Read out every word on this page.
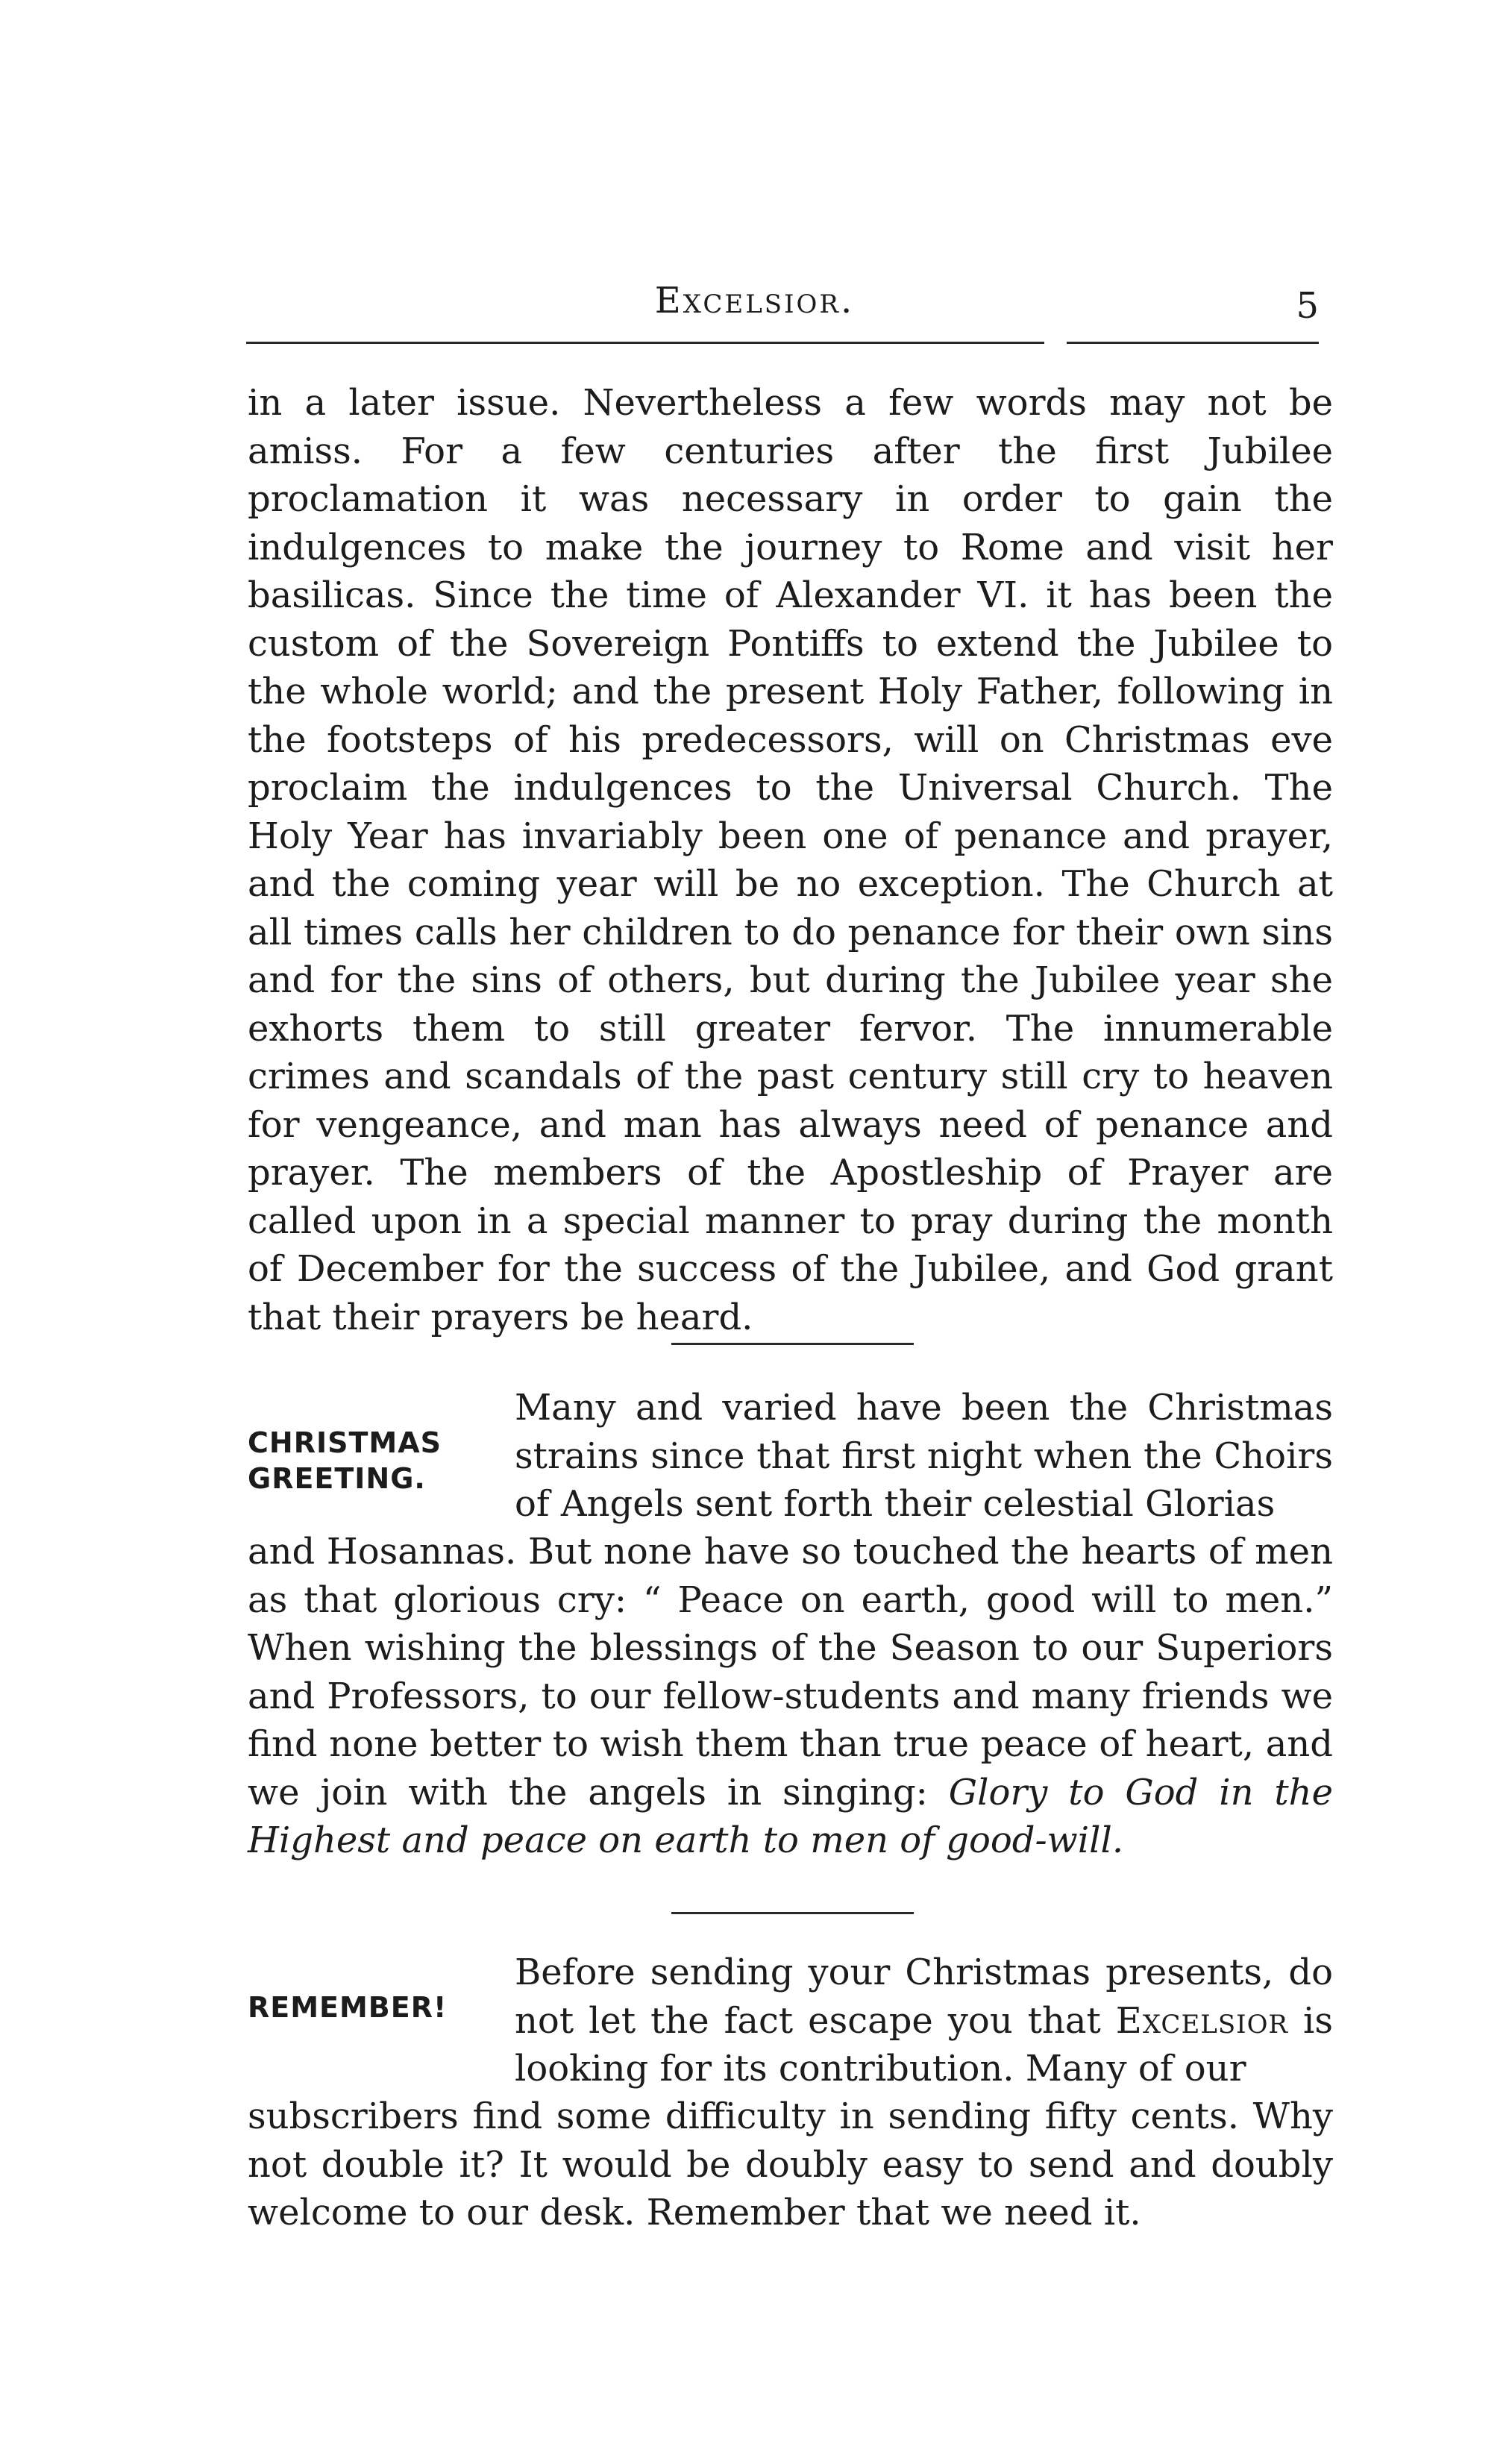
Excelsior.	5
in a later issue. Nevertheless a few words may not be amiss. For a few centuries after the first Jubilee proclamation it was necessary in order to gain the indulgences to make the journey to Rome and visit her basilicas. Since the time of Alexander VI. it has been the custom of the Sovereign Pontiffs to extend the Jubilee to the whole world; and the present Holy Father, following in the footsteps of his predecessors, will on Christmas eve proclaim the indulgences to the Universal Church. The Holy Year has invariably been one of penance and prayer, and the coming year will be no exception. The Church at all times calls her children to do penance for their own sins and for the sins of others, but during the Jubilee year she exhorts them to still greater fervor. The innumerable crimes and scandals of the past century still cry to heaven for vengeance, and man has always need of penance and prayer. The members of the Apostleship of Prayer are called upon in a special manner to pray during the month of December for the success of the Jubilee, and God grant that their prayers be heard.
CHRISTMAS GREETING.
Many and varied have been the Christmas strains since that first night when the Choirs of Angels sent forth their celestial Glorias
and Hosannas. But none have so touched the hearts of men as that glorious cry: “ Peace on earth, good will to men.” When wishing the blessings of the Season to our Superiors and Professors, to our fellow-students and many friends we find none better to wish them than true peace of heart, and we join with the angels in singing: Glory to God in the Highest and peace on earth to men of good-will.
REMEMBER!
Before sending your Christmas presents, do not let the fact escape you that Excelsior is looking for its contribution. Many of our
subscribers find some difficulty in sending fifty cents. Why not double it? It would be doubly easy to send and doubly welcome to our desk. Remember that we need it.
